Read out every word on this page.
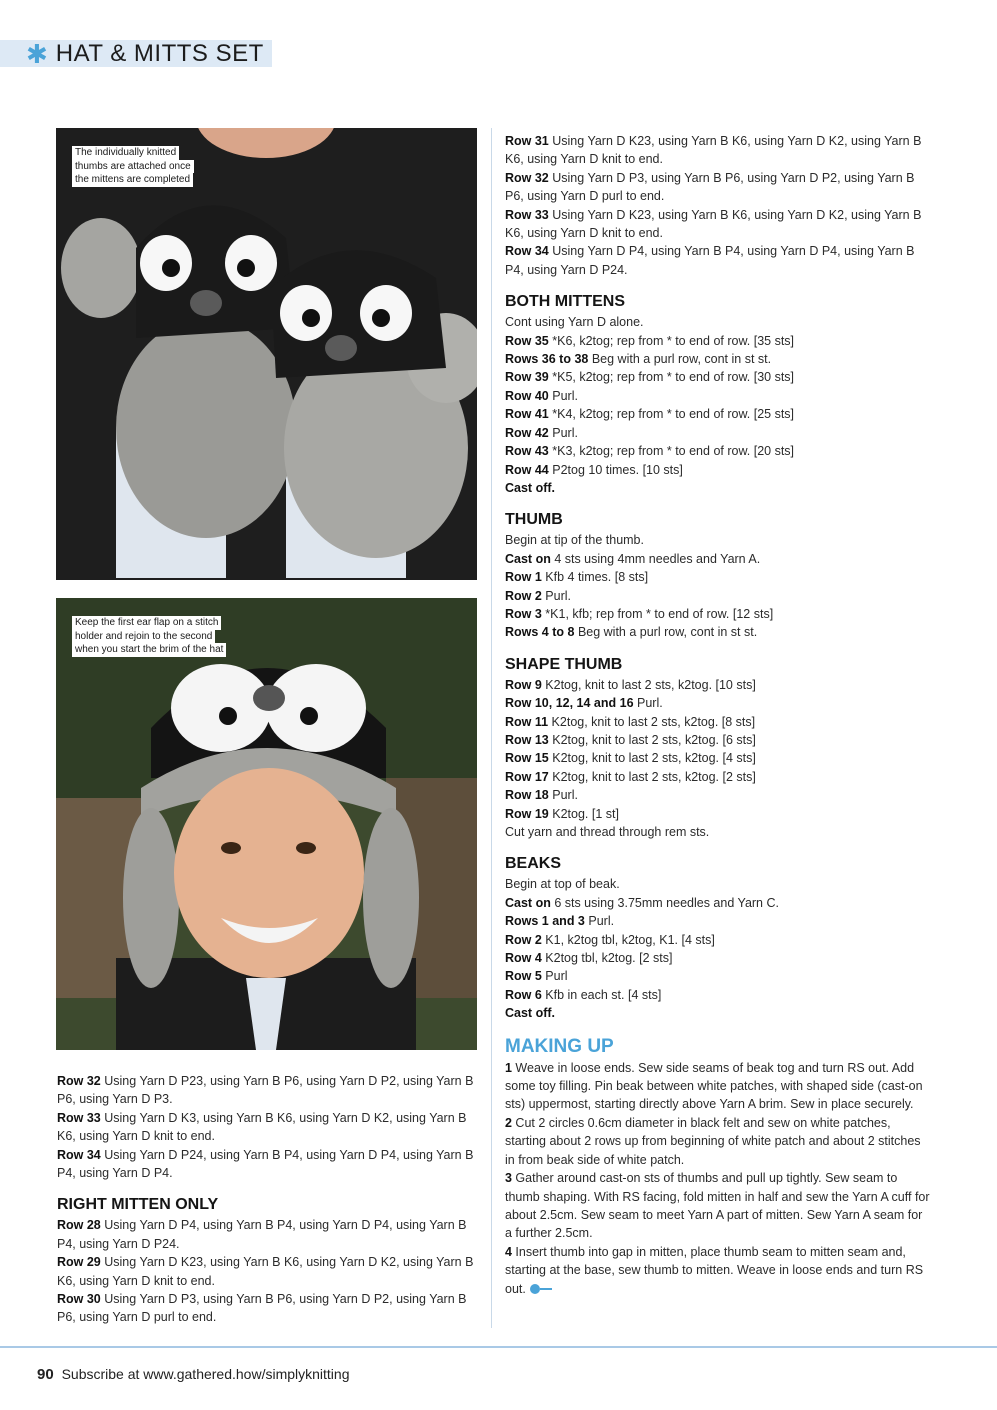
✱ HAT & MITTS SET
The individually knitted
thumbs are attached once
the mittens are completed
Keep the first ear flap on a stitch
holder and rejoin to the second
when you start the brim of the hat

Row 32 Using Yarn D P23, using Yarn B P6, using Yarn D P2, using Yarn B P6, using Yarn D P3.

Row 33 Using Yarn D K3, using Yarn B K6, using Yarn D K2, using Yarn B K6, using Yarn D knit to end.

Row 34 Using Yarn D P24, using Yarn B P4, using Yarn D P4, using Yarn B P4, using Yarn D P4.

RIGHT MITTEN ONLY

Row 28 Using Yarn D P4, using Yarn B P4, using Yarn D P4, using Yarn B P4, using Yarn D P24.

Row 29 Using Yarn D K23, using Yarn B K6, using Yarn D K2, using Yarn B K6, using Yarn D knit to end.

Row 30 Using Yarn D P3, using Yarn B P6, using Yarn D P2, using Yarn B P6, using Yarn D purl to end.

Row 31 Using Yarn D K23, using Yarn B K6, using Yarn D K2, using Yarn B K6, using Yarn D knit to end.

Row 32 Using Yarn D P3, using Yarn B P6, using Yarn D P2, using Yarn B P6, using Yarn D purl to end.

Row 33 Using Yarn D K23, using Yarn B K6, using Yarn D K2, using Yarn B K6, using Yarn D knit to end.

Row 34 Using Yarn D P4, using Yarn B P4, using Yarn D P4, using Yarn B P4, using Yarn D P24.

BOTH MITTENS

Cont using Yarn D alone.

Row 35 *K6, k2tog; rep from * to end of row. [35 sts]

Rows 36 to 38 Beg with a purl row, cont in st st.

Row 39 *K5, k2tog; rep from * to end of row. [30 sts]

Row 40 Purl.

Row 41 *K4, k2tog; rep from * to end of row. [25 sts]

Row 42 Purl.

Row 43 *K3, k2tog; rep from * to end of row. [20 sts]

Row 44 P2tog 10 times. [10 sts]

Cast off.

THUMB

Begin at tip of the thumb.

Cast on 4 sts using 4mm needles and Yarn A.

Row 1 Kfb 4 times. [8 sts]

Row 2 Purl.

Row 3 *K1, kfb; rep from * to end of row. [12 sts]

Rows 4 to 8 Beg with a purl row, cont in st st.

SHAPE THUMB

Row 9 K2tog, knit to last 2 sts, k2tog. [10 sts]

Row 10, 12, 14 and 16 Purl.

Row 11 K2tog, knit to last 2 sts, k2tog. [8 sts]

Row 13 K2tog, knit to last 2 sts, k2tog. [6 sts]

Row 15 K2tog, knit to last 2 sts, k2tog. [4 sts]

Row 17 K2tog, knit to last 2 sts, k2tog. [2 sts]

Row 18 Purl.

Row 19 K2tog. [1 st]

Cut yarn and thread through rem sts.

BEAKS

Begin at top of beak.

Cast on 6 sts using 3.75mm needles and Yarn C.

Rows 1 and 3 Purl.

Row 2 K1, k2tog tbl, k2tog, K1. [4 sts]

Row 4 K2tog tbl, k2tog. [2 sts]

Row 5 Purl

Row 6 Kfb in each st. [4 sts]

Cast off.

MAKING UP

1 Weave in loose ends. Sew side seams of beak tog and turn RS out. Add some toy filling. Pin beak between white patches, with shaped side (cast-on sts) uppermost, starting directly above Yarn A brim. Sew in place securely.

2 Cut 2 circles 0.6cm diameter in black felt and sew on white patches, starting about 2 rows up from beginning of white patch and about 2 stitches in from beak side of white patch.

3 Gather around cast-on sts of thumbs and pull up tightly. Sew seam to thumb shaping. With RS facing, fold mitten in half and sew the Yarn A cuff for about 2.5cm. Sew seam to meet Yarn A part of mitten. Sew Yarn A seam for a further 2.5cm.

4 Insert thumb into gap in mitten, place thumb seam to mitten seam and, starting at the base, sew thumb to mitten. Weave in loose ends and turn RS out.

90 Subscribe at www.gathered.how/simplyknitting
